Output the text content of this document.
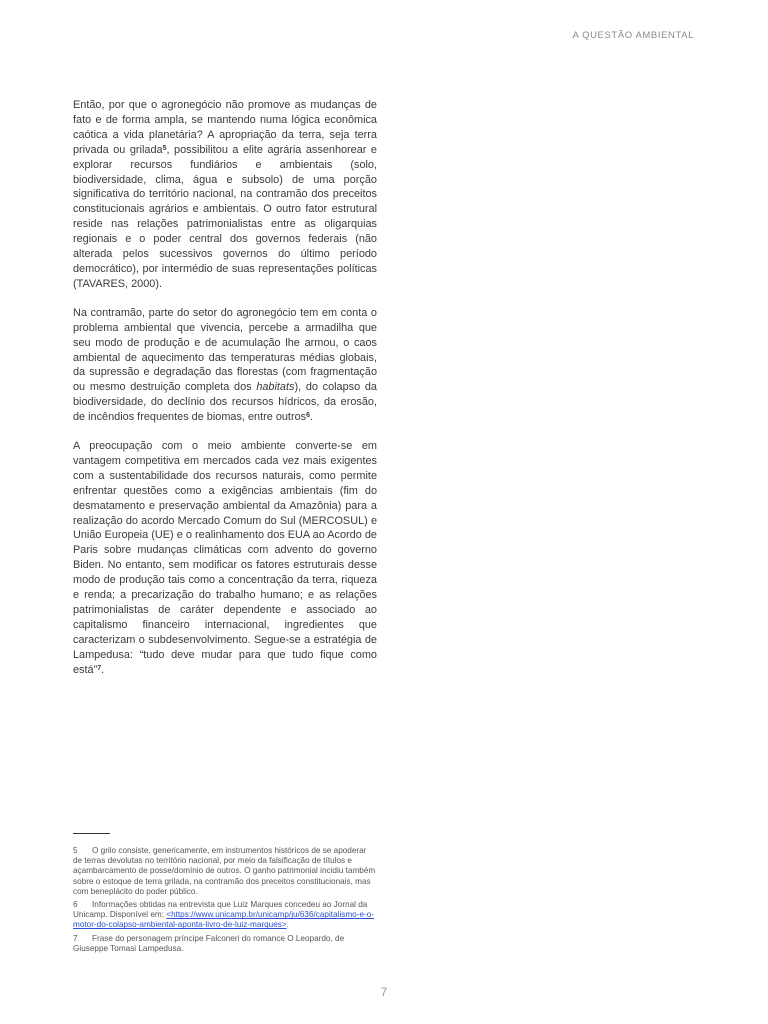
A QUESTÃO AMBIENTAL

Então, por que o agronegócio não promove as mudanças de fato e de forma ampla, se mantendo numa lógica econômica caótica a vida planetária? A apropriação da terra, seja terra privada ou grilada$^5$, possibilitou a elite agrária assenhorear e explorar recursos fundiários e ambientais (solo, biodiversidade, clima, água e subsolo) de uma porção significativa do território nacional, na contramão dos preceitos constitucionais agrários e ambientais. O outro fator estrutural reside nas relações patrimonialistas entre as oligarquias regionais e o poder central dos governos federais (não alterada pelos sucessivos governos do último período democrático), por intermédio de suas representações políticas (TAVARES, 2000).

Na contramão, parte do setor do agronegócio tem em conta o problema ambiental que vivencia, percebe a armadilha que seu modo de produção e de acumulação lhe armou, o caos ambiental de aquecimento das temperaturas médias globais, da supressão e degradação das florestas (com fragmentação ou mesmo destruição completa dos habitats), do colapso da biodiversidade, do declínio dos recursos hídricos, da erosão, de incêndios frequentes de biomas, entre outros$^6$.

A preocupação com o meio ambiente converte-se em vantagem competitiva em mercados cada vez mais exigentes com a sustentabilidade dos recursos naturais, como permite enfrentar questões como a exigências ambientais (fim do desmatamento e preservação ambiental da Amazônia) para a realização do acordo Mercado Comum do Sul (MERCOSUL) e União Europeia (UE) e o realinhamento dos EUA ao Acordo de Paris sobre mudanças climáticas com advento do governo Biden. No entanto, sem modificar os fatores estruturais desse modo de produção tais como a concentração da terra, riqueza e renda; a precarização do trabalho humano; e as relações patrimonialistas de caráter dependente e associado ao capitalismo financeiro internacional, ingredientes que caracterizam o subdesenvolvimento. Segue-se a estratégia de Lampedusa: “tudo deve mudar para que tudo fique como está”$^7$.

5 O grilo consiste, genericamente, em instrumentos históricos de se apoderar de terras devolutas no território nacional, por meio da falsificação de títulos e açambarcamento de posse/domínio de outros. O ganho patrimonial incidiu também sobre o estoque de terra grilada, na contramão dos preceitos constitucionais, mas com beneplácito do poder público.
6 Informações obtidas na entrevista que Luiz Marques concedeu ao Jornal da Unicamp. Disponível em: <https://www.unicamp.br/unicamp/ju/636/capitalismo-e-o-motor-do-colapso-ambiental-aponta-livro-de-luiz-marques>.
7 Frase do personagem príncipe Falconeri do romance O Leopardo, de Giuseppe Tomasi Lampedusa.
7
